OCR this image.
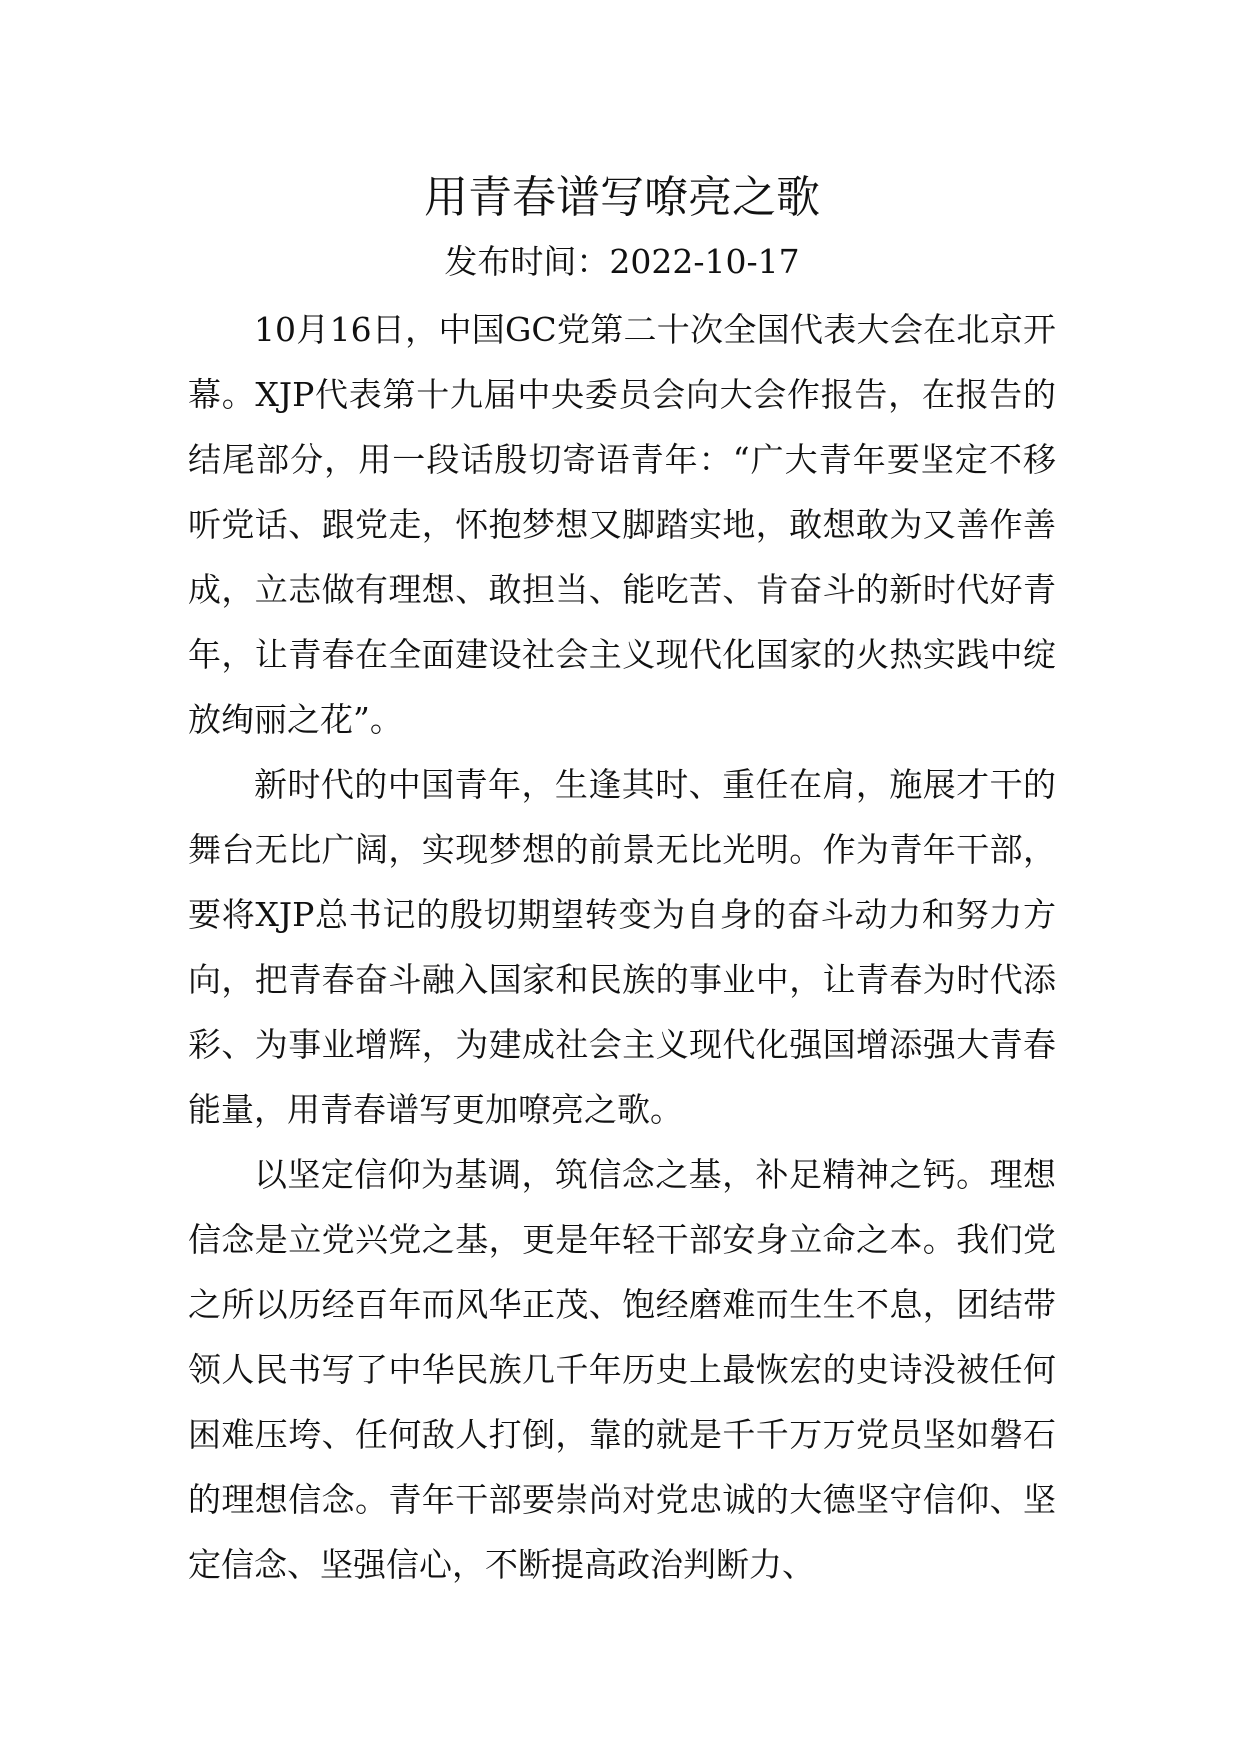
用青春谱写嘹亮之歌
发布时间：2022-10-17

10月16日，中国GC党第二十次全国代表大会在北京开幕。XJP代表第十九届中央委员会向大会作报告，在报告的结尾部分，用一段话殷切寄语青年：“广大青年要坚定不移听党话、跟党走，怀抱梦想又脚踏实地，敢想敢为又善作善成，立志做有理想、敢担当、能吃苦、肯奋斗的新时代好青年，让青春在全面建设社会主义现代化国家的火热实践中绽放绚丽之花”。

新时代的中国青年，生逢其时、重任在肩，施展才干的舞台无比广阔，实现梦想的前景无比光明。作为青年干部，要将XJP总书记的殷切期望转变为自身的奋斗动力和努力方向，把青春奋斗融入国家和民族的事业中，让青春为时代添彩、为事业增辉，为建成社会主义现代化强国增添强大青春能量，用青春谱写更加嘹亮之歌。

以坚定信仰为基调，筑信念之基，补足精神之钙。理想信念是立党兴党之基，更是年轻干部安身立命之本。我们党之所以历经百年而风华正茂、饱经磨难而生生不息，团结带领人民书写了中华民族几千年历史上最恢宏的史诗没被任何困难压垮、任何敌人打倒，靠的就是千千万万党员坚如磐石的理想信念。青年干部要崇尚对党忠诚的大德坚守信仰、坚定信念、坚强信心，不断提高政治判断力、
